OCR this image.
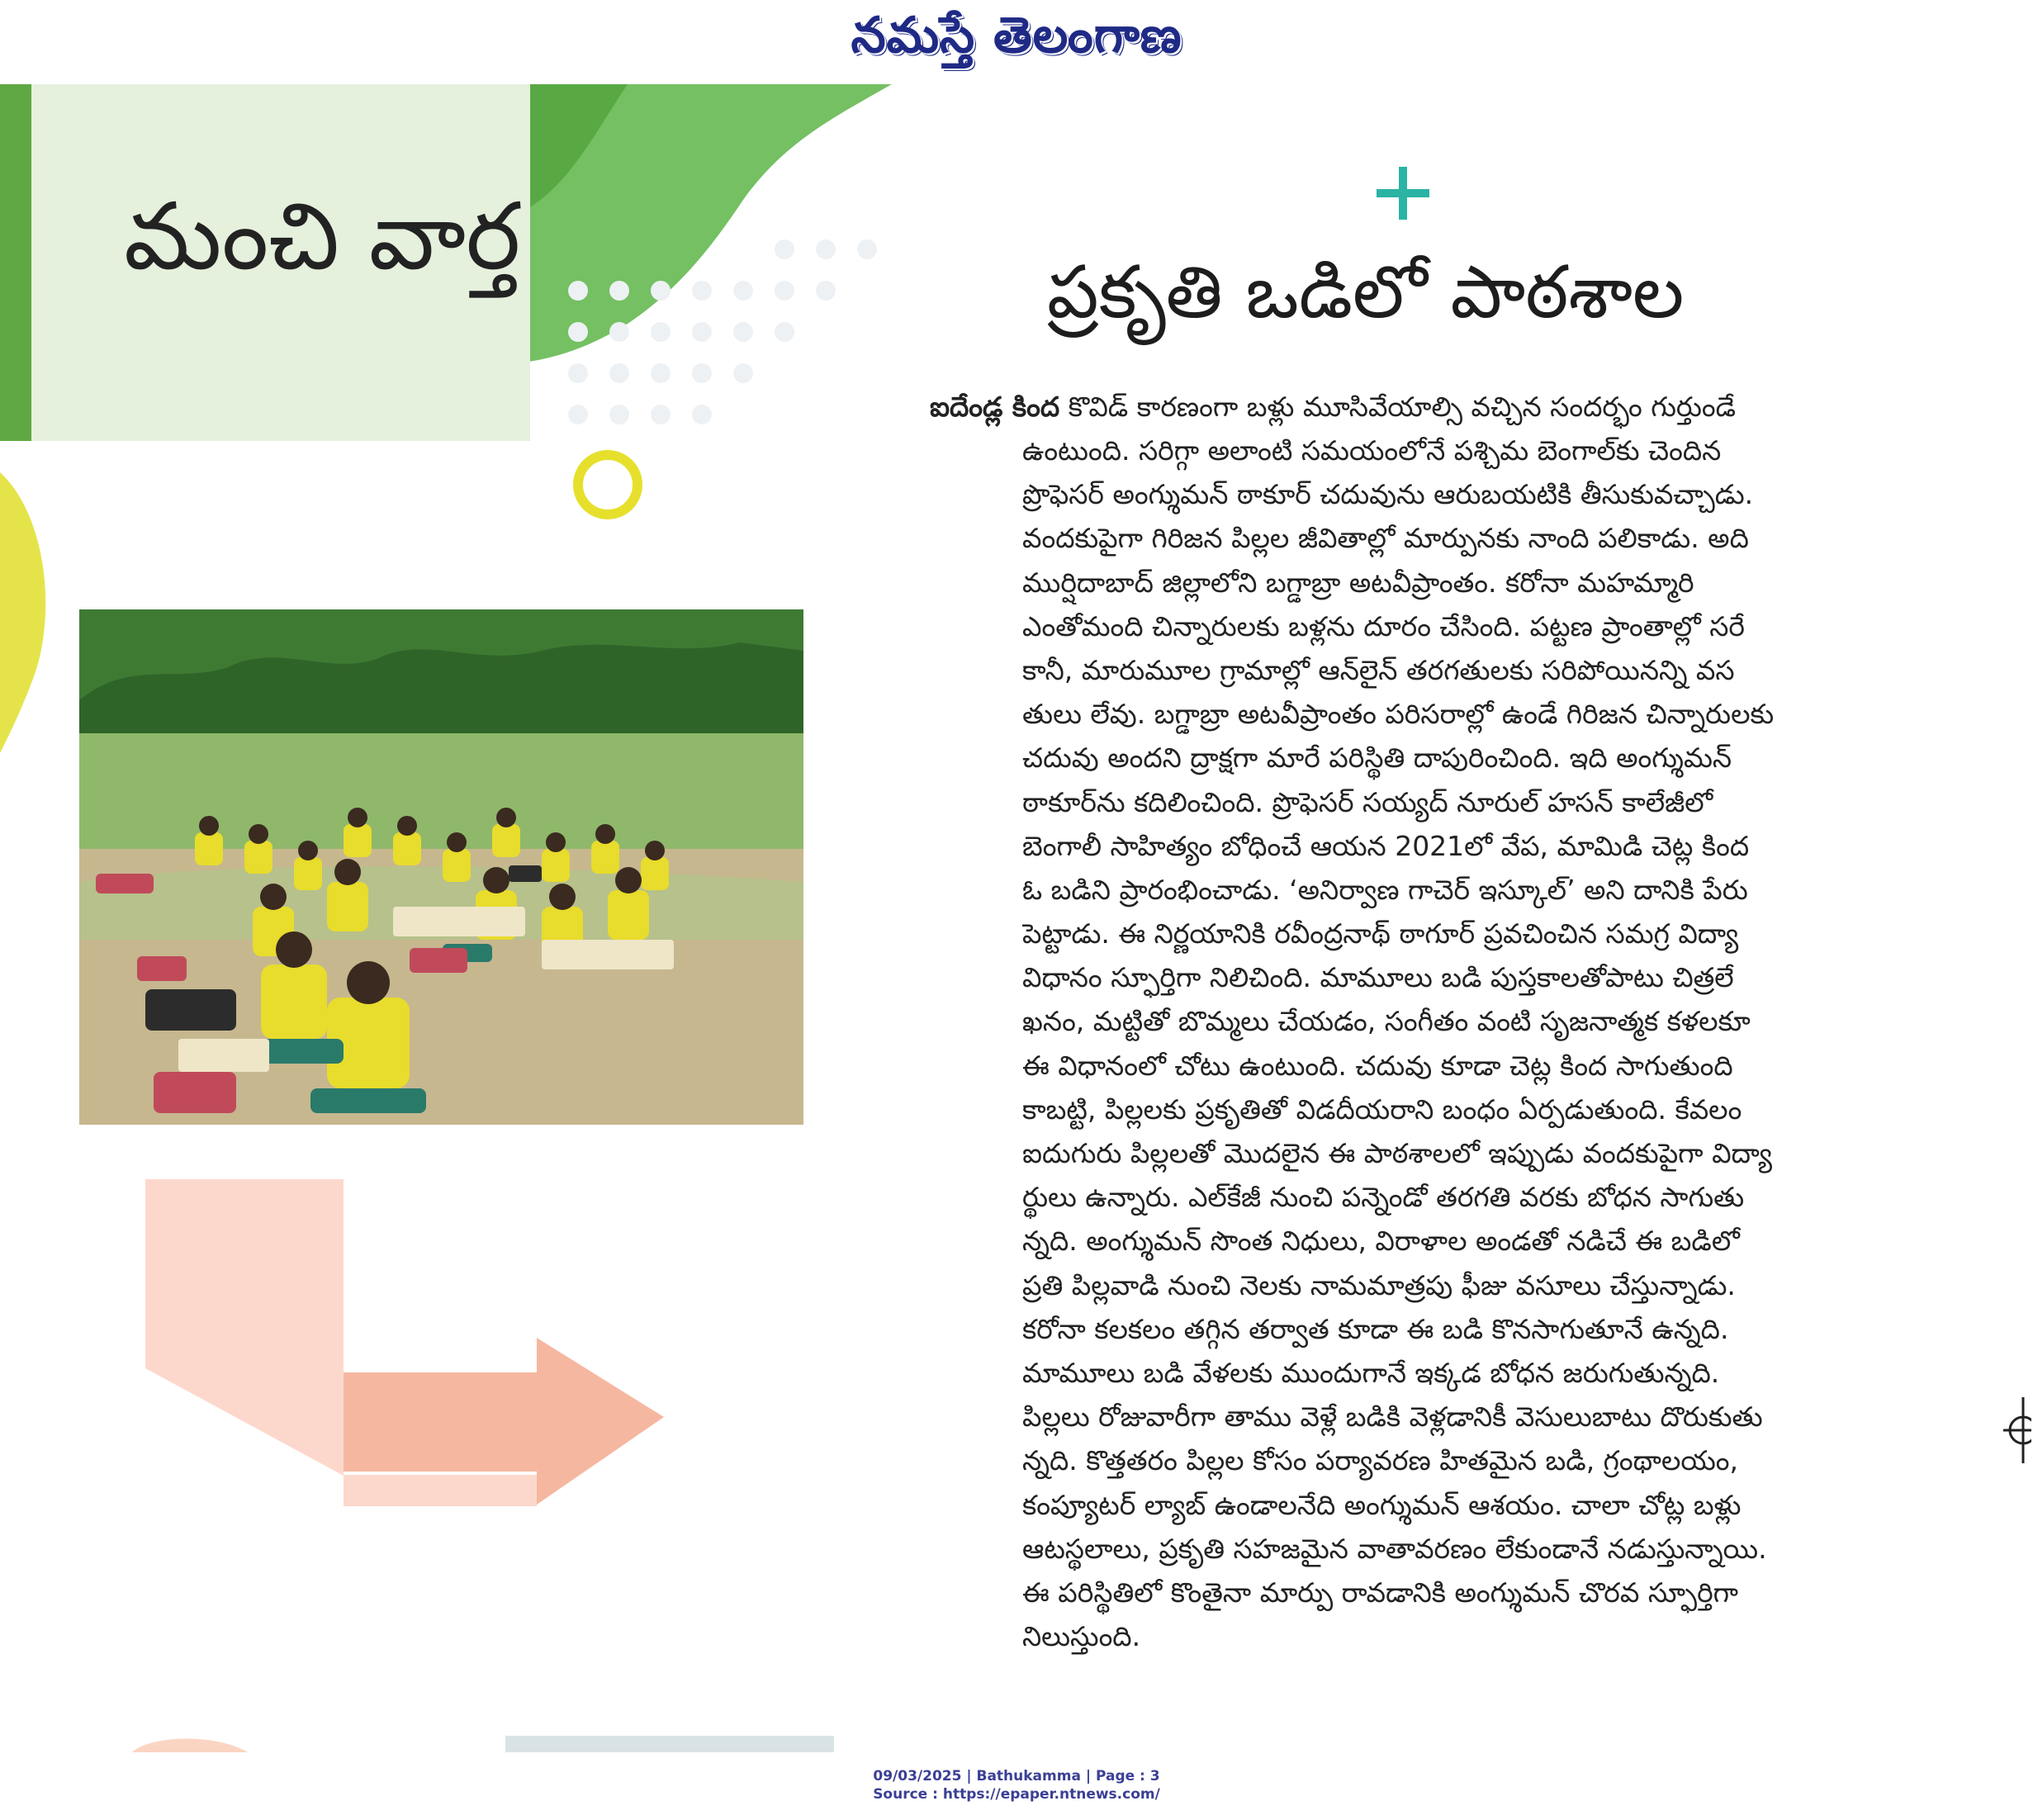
నమస్తే తెలంగాణ
మంచి వార్త
ప్రకృతి ఒడిలో పాఠశాల
ఐదేండ్ల కింద కొవిడ్ కారణంగా బళ్లు మూసివేయాల్సి వచ్చిన సందర్భం గుర్తుండే
ఉంటుంది. సరిగ్గా అలాంటి సమయంలోనే పశ్చిమ బెంగాల్‌కు చెందిన
ప్రొఫెసర్ అంగ్శుమన్ ఠాకూర్ చదువును ఆరుబయటికి తీసుకువచ్చాడు.
వందకుపైగా గిరిజన పిల్లల జీవితాల్లో మార్పునకు నాంది పలికాడు. అది
ముర్షిదాబాద్ జిల్లాలోని బగ్డాబ్రా అటవీప్రాంతం. కరోనా మహమ్మారి
ఎంతోమంది చిన్నారులకు బళ్లను దూరం చేసింది. పట్టణ ప్రాంతాల్లో సరే
కానీ, మారుమూల గ్రామాల్లో ఆన్‌లైన్ తరగతులకు సరిపోయినన్ని వస
తులు లేవు. బగ్డాబ్రా అటవీప్రాంతం పరిసరాల్లో ఉండే గిరిజన చిన్నారులకు
చదువు అందని ద్రాక్షగా మారే పరిస్థితి దాపురించింది. ఇది అంగ్శుమన్
ఠాకూర్‌ను కదిలించింది. ప్రొఫెసర్ సయ్యద్ నూరుల్ హసన్ కాలేజీలో
బెంగాలీ సాహిత్యం బోధించే ఆయన 2021లో వేప, మామిడి చెట్ల కింద
ఓ బడిని ప్రారంభించాడు. ‘అనిర్వాణ గాచెర్ ఇస్కూల్’ అని దానికి పేరు
పెట్టాడు. ఈ నిర్ణయానికి రవీంద్రనాథ్ ఠాగూర్ ప్రవచించిన సమగ్ర విద్యా
విధానం స్ఫూర్తిగా నిలిచింది. మామూలు బడి పుస్తకాలతోపాటు చిత్రలే
ఖనం, మట్టితో బొమ్మలు చేయడం, సంగీతం వంటి సృజనాత్మక కళలకూ
ఈ విధానంలో చోటు ఉంటుంది. చదువు కూడా చెట్ల కింద సాగుతుంది
కాబట్టి, పిల్లలకు ప్రకృతితో విడదీయరాని బంధం ఏర్పడుతుంది. కేవలం
ఐదుగురు పిల్లలతో మొదలైన ఈ పాఠశాలలో ఇప్పుడు వందకుపైగా విద్యా
ర్థులు ఉన్నారు. ఎల్‌కేజీ నుంచి పన్నెండో తరగతి వరకు బోధన సాగుతు
న్నది. అంగ్శుమన్ సొంత నిధులు, విరాళాల అండతో నడిచే ఈ బడిలో
ప్రతి పిల్లవాడి నుంచి నెలకు నామమాత్రపు ఫీజు వసూలు చేస్తున్నాడు.
కరోనా కలకలం తగ్గిన తర్వాత కూడా ఈ బడి కొనసాగుతూనే ఉన్నది.
మామూలు బడి వేళలకు ముందుగానే ఇక్కడ బోధన జరుగుతున్నది.
పిల్లలు రోజువారీగా తాము వెళ్లే బడికి వెళ్లడానికీ వెసులుబాటు దొరుకుతు
న్నది. కొత్తతరం పిల్లల కోసం పర్యావరణ హితమైన బడి, గ్రంథాలయం,
కంప్యూటర్ ల్యాబ్ ఉండాలనేది అంగ్శుమన్ ఆశయం. చాలా చోట్ల బళ్లు
ఆటస్థలాలు, ప్రకృతి సహజమైన వాతావరణం లేకుండానే నడుస్తున్నాయి.
ఈ పరిస్థితిలో కొంతైనా మార్పు రావడానికి అంగ్శుమన్ చొరవ స్ఫూర్తిగా
నిలుస్తుంది.
09/03/2025 | Bathukamma | Page : 3
Source : https://epaper.ntnews.com/
